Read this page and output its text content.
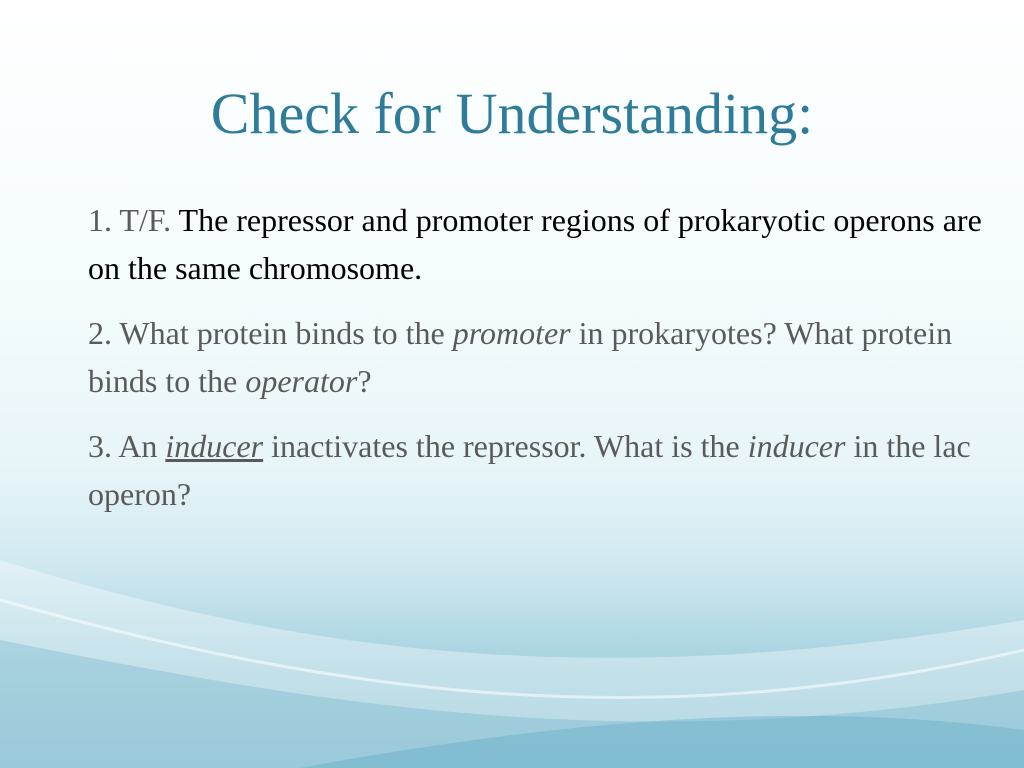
Check for Understanding:

1. T/F. The repressor and promoter regions of prokaryotic operons are on the same chromosome.

2. What protein binds to the promoter in prokaryotes? What protein binds to the operator?

3. An inducer inactivates the repressor. What is the inducer in the lac operon?
